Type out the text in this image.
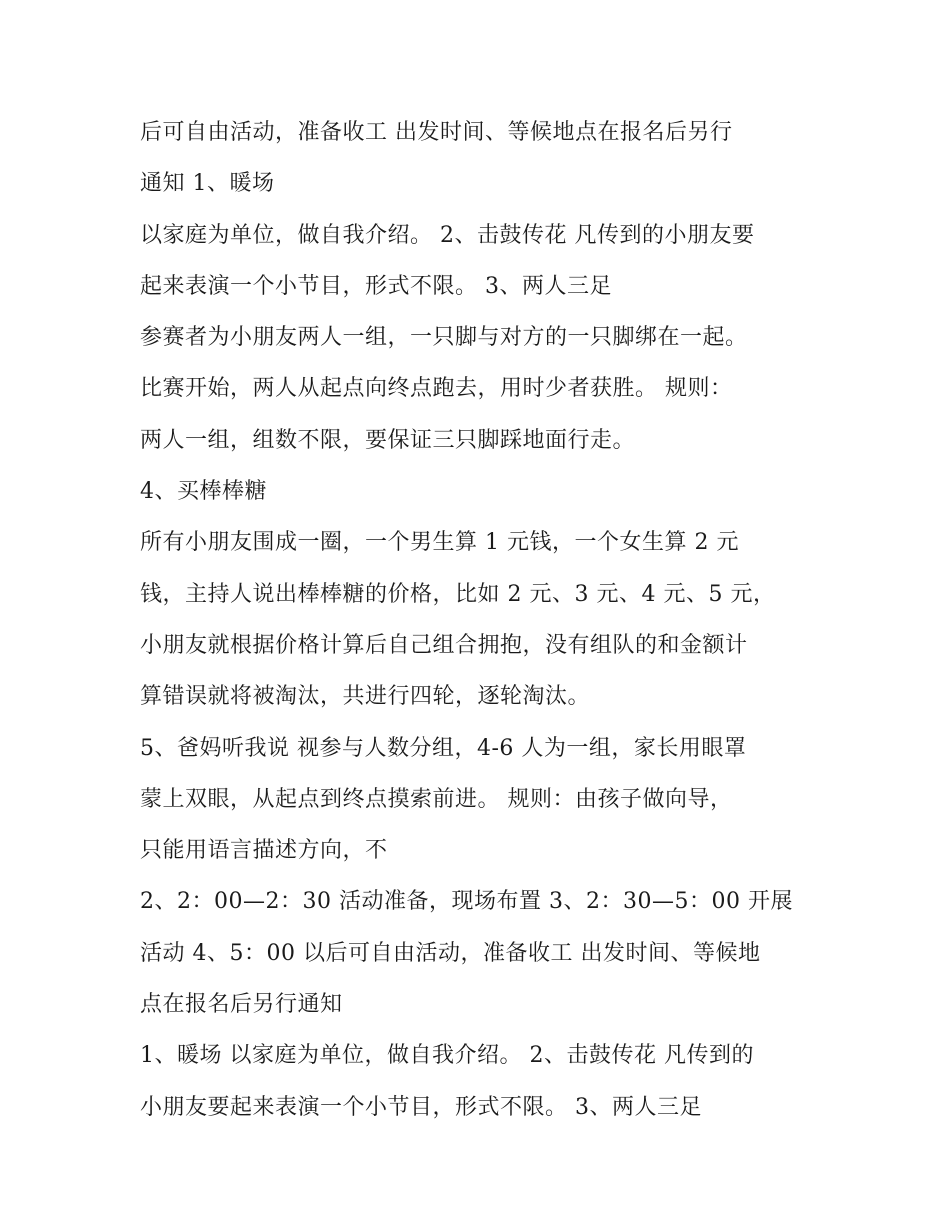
后可自由活动，准备收工 出发时间、等候地点在报名后另行
通知 1、暖场
以家庭为单位，做自我介绍。 2、击鼓传花 凡传到的小朋友要
起来表演一个小节目，形式不限。 3、两人三足
参赛者为小朋友两人一组，一只脚与对方的一只脚绑在一起。
比赛开始，两人从起点向终点跑去，用时少者获胜。 规则：
两人一组，组数不限，要保证三只脚踩地面行走。
4、买棒棒糖
所有小朋友围成一圈，一个男生算 1 元钱，一个女生算 2 元
钱，主持人说出棒棒糖的价格，比如 2 元、3 元、4 元、5 元，
小朋友就根据价格计算后自己组合拥抱，没有组队的和金额计
算错误就将被淘汰，共进行四轮，逐轮淘汰。
5、爸妈听我说 视参与人数分组，4-6 人为一组，家长用眼罩
蒙上双眼，从起点到终点摸索前进。 规则：由孩子做向导，
只能用语言描述方向，不
2、2：00—2：30 活动准备，现场布置 3、2：30—5：00 开展
活动 4、5：00 以后可自由活动，准备收工 出发时间、等候地
点在报名后另行通知
1、暖场 以家庭为单位，做自我介绍。 2、击鼓传花 凡传到的
小朋友要起来表演一个小节目，形式不限。 3、两人三足
